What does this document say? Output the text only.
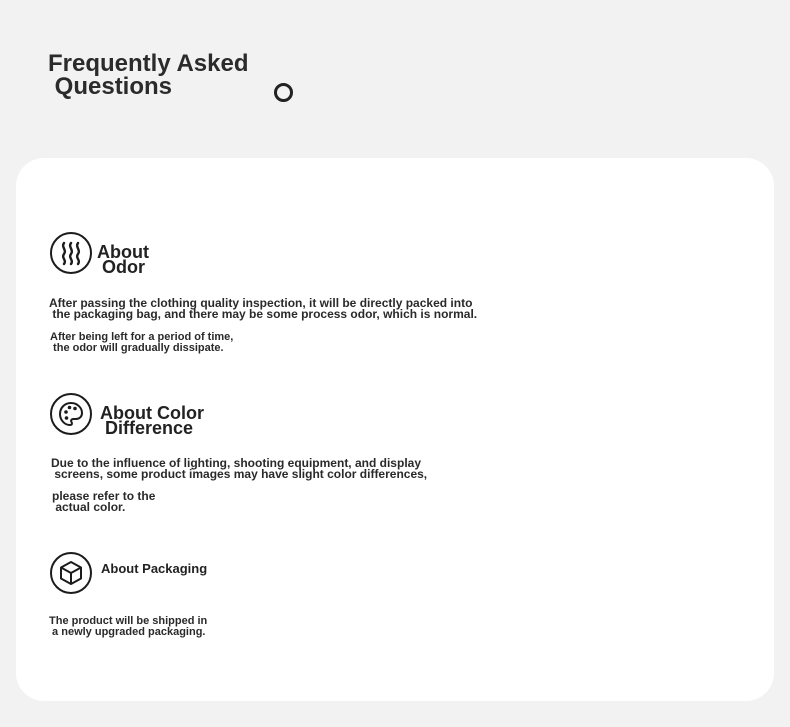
Frequently Asked
Questions
About
Odor
After passing the clothing quality inspection, it will be directly packed into
the packaging bag, and there may be some process odor, which is normal.
After being left for a period of time,
the odor will gradually dissipate.
About Color
Difference
Due to the influence of lighting, shooting equipment, and display
screens, some product images may have slight color differences,
please refer to the
actual color.
About Packaging
The product will be shipped in
a newly upgraded packaging.
